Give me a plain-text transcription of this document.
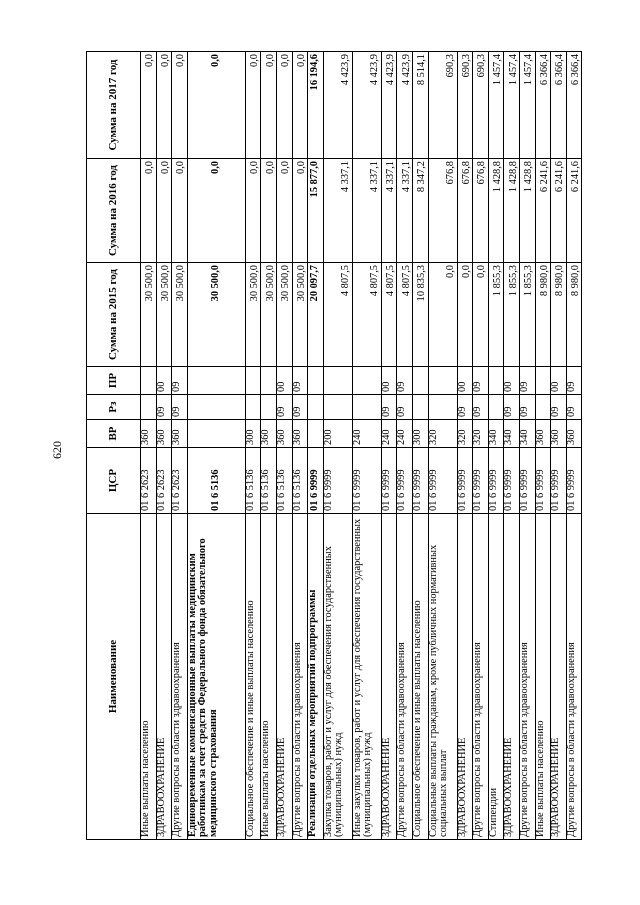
620
Наименование	ЦСР	ВР	Рз	ПР	Сумма на 2015 год	Сумма на 2016 год	Сумма на 2017 год
Иные выплаты населению	01 6 2623	360			30 500,0	0,0	0,0
ЗДРАВООХРАНЕНИЕ	01 6 2623	360	09	00	30 500,0	0,0	0,0
Другие вопросы в области здравоохранения	01 6 2623	360	09	09	30 500,0	0,0	0,0
Единовременные компенсационные выплаты медицинским работникам за счет средств Федерального фонда обязательного медицинского страхования	01 6 5136				30 500,0	0,0	0,0
Социальное обеспечение и иные выплаты населению	01 6 5136	300			30 500,0	0,0	0,0
Иные выплаты населению	01 6 5136	360			30 500,0	0,0	0,0
ЗДРАВООХРАНЕНИЕ	01 6 5136	360	09	00	30 500,0	0,0	0,0
Другие вопросы в области здравоохранения	01 6 5136	360	09	09	30 500,0	0,0	0,0
Реализация отдельных мероприятий подпрограммы	01 6 9999				20 097,7	15 877,0	16 194,6
Закупка товаров, работ и услуг для обеспечения государственных (муниципальных) нужд	01 6 9999	200			4 807,5	4 337,1	4 423,9
Иные закупки товаров, работ и услуг для обеспечения государственных (муниципальных) нужд	01 6 9999	240			4 807,5	4 337,1	4 423,9
ЗДРАВООХРАНЕНИЕ	01 6 9999	240	09	00	4 807,5	4 337,1	4 423,9
Другие вопросы в области здравоохранения	01 6 9999	240	09	09	4 807,5	4 337,1	4 423,9
Социальное обеспечение и иные выплаты населению	01 6 9999	300			10 835,3	8 347,2	8 514,1
Социальные выплаты гражданам, кроме публичных нормативных социальных выплат	01 6 9999	320			0,0	676,8	690,3
ЗДРАВООХРАНЕНИЕ	01 6 9999	320	09	00	0,0	676,8	690,3
Другие вопросы в области здравоохранения	01 6 9999	320	09	09	0,0	676,8	690,3
Стипендии	01 6 9999	340			1 855,3	1 428,8	1 457,4
ЗДРАВООХРАНЕНИЕ	01 6 9999	340	09	00	1 855,3	1 428,8	1 457,4
Другие вопросы в области здравоохранения	01 6 9999	340	09	09	1 855,3	1 428,8	1 457,4
Иные выплаты населению	01 6 9999	360			8 980,0	6 241,6	6 366,4
ЗДРАВООХРАНЕНИЕ	01 6 9999	360	09	00	8 980,0	6 241,6	6 366,4
Другие вопросы в области здравоохранения	01 6 9999	360	09	09	8 980,0	6 241,6	6 366,4
